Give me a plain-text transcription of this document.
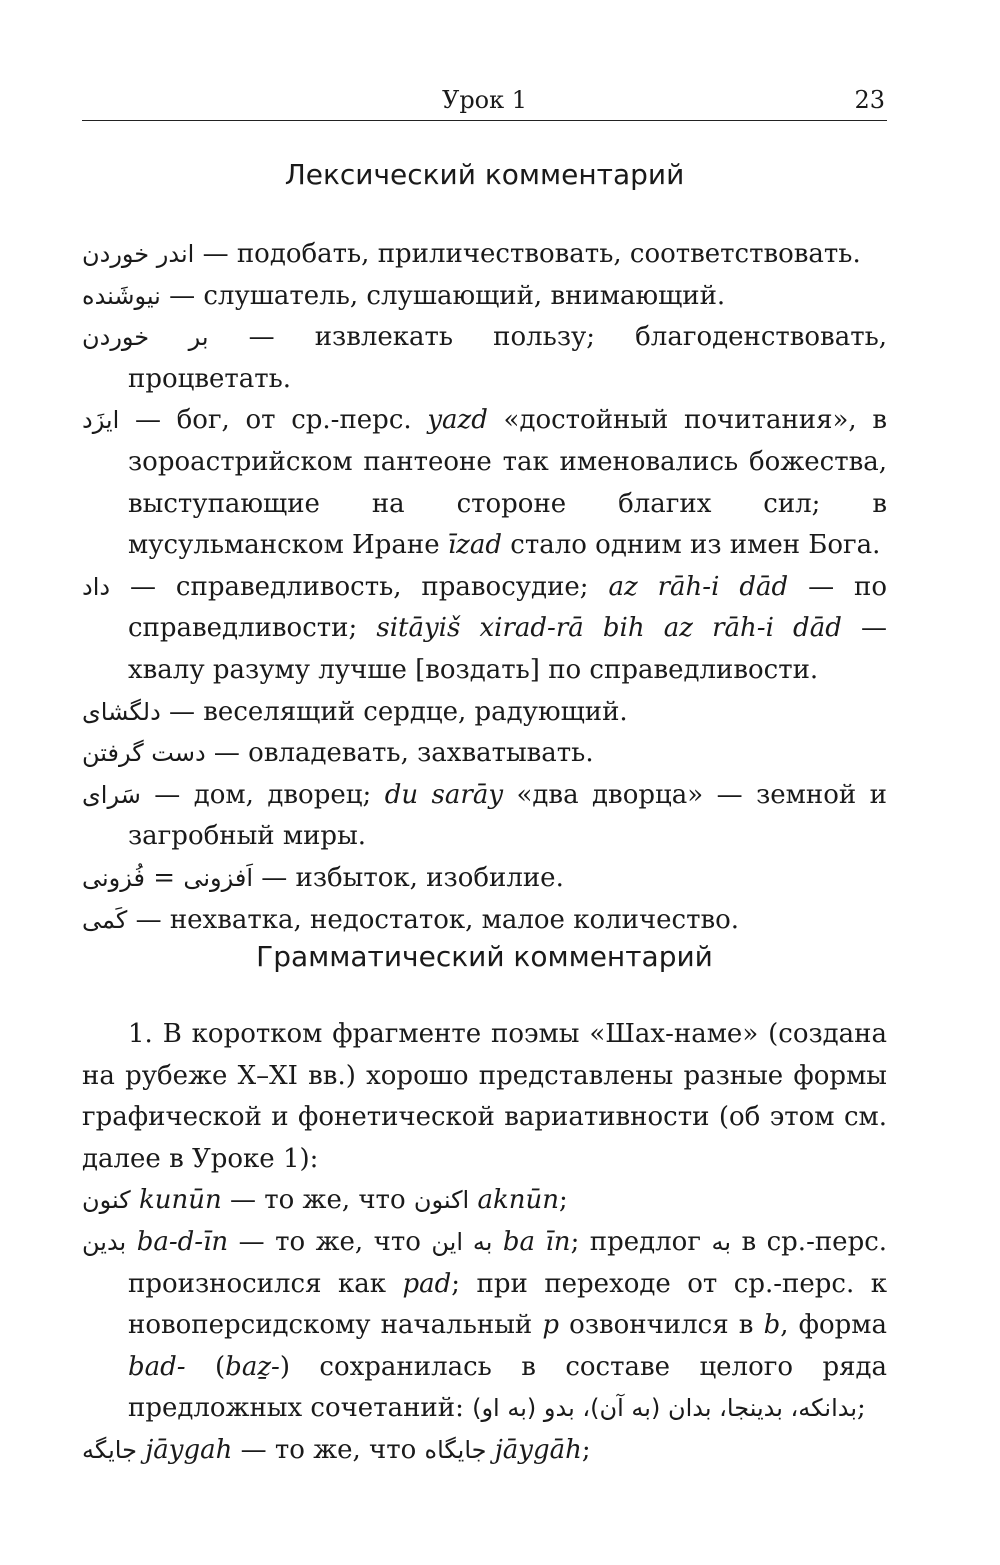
Урок 1	23
Лексический комментарий
اندر خوردن — подобать, приличествовать, соответствовать.
نیوشَنده — слушатель, слушающий, внимающий.
بر خوردن — извлекать пользу; благоденствовать, процветать.
ایزَد — бог, от ср.-перс. yazd «достойный почитания», в зороастрийском пантеоне так именовались божества, выступающие на стороне благих сил; в мусульманском Иране īzad стало одним из имен Бога.
داد — справедливость, правосудие; az rāh-i dād — по справедливости; sitāyiš xirad-rā bih az rāh-i dād — хвалу разуму лучше [воздать] по справедливости.
دلگشای — веселящий сердце, радующий.
دست گرفتن — овладевать, захватывать.
سَرای — дом, дворец; du sarāy «два дворца» — земной и загробный миры.
فُزونی = اَفزونی — избыток, изобилие.
کَمی — нехватка, недостаток, малое количество.
Грамматический комментарий
1. В коротком фрагменте поэмы «Шах-наме» (создана на рубеже X–XI вв.) хорошо представлены разные формы графической и фонетической вариативности (об этом см. далее в Уроке 1):
کنون kunūn — то же, что اکنون aknūn;
بدین ba-d-īn — то же, что به این ba īn; предлог به в ср.-перс. произносился как pad; при переходе от ср.-перс. к новоперсидскому начальный p озвончился в b, форма bad- (baẕ-) сохранилась в составе целого ряда предложных сочетаний: بدانکه، بدینجا، بدان (به آن)، بدو (به او);
جایگه jāygah — то же, что جایگاه jāygāh;
